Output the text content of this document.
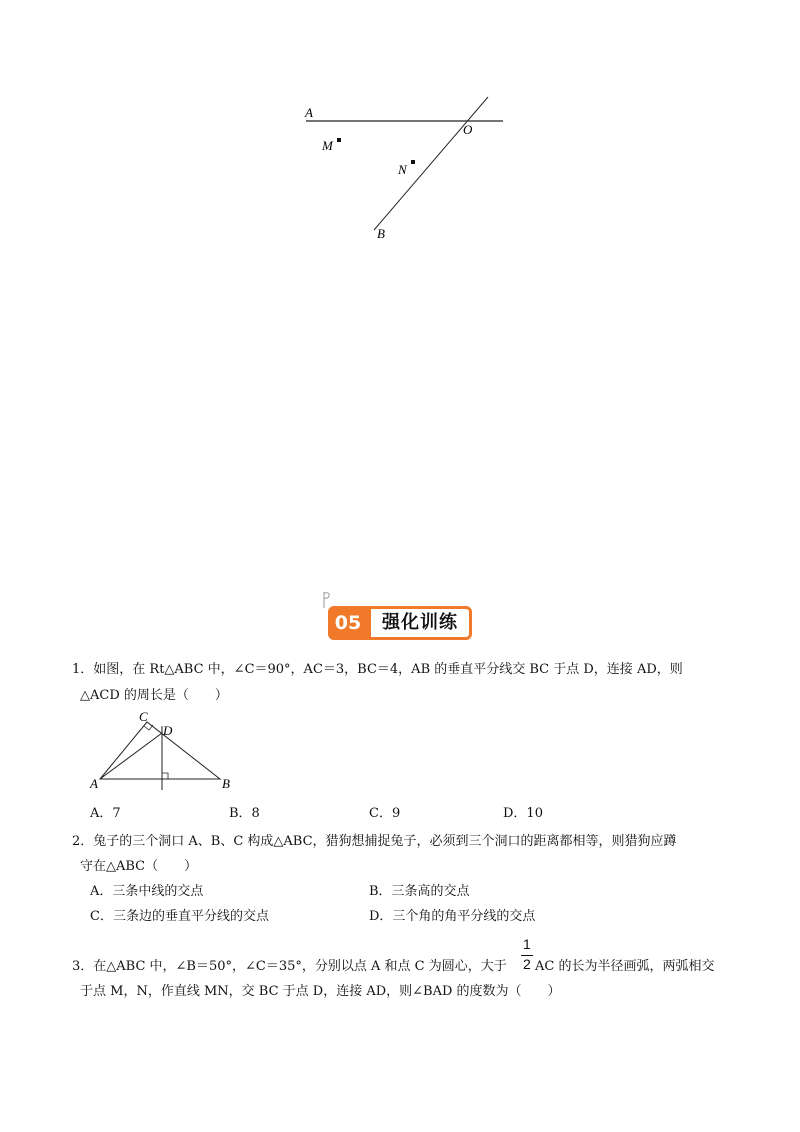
A
O
M
N
B
05	强化训练
1．如图，在 Rt△ABC 中，∠C＝90°，AC＝3，BC＝4，AB 的垂直平分线交 BC 于点 D，连接 AD，则
△ACD 的周长是（　　）
C
D
A	B
A．7	B．8	C．9	D．10
2．兔子的三个洞口 A、B、C 构成△ABC，猎狗想捕捉兔子，必须到三个洞口的距离都相等，则猎狗应蹲
守在△ABC（　　）
A．三条中线的交点	B．三条高的交点
C．三条边的垂直平分线的交点	D．三个角的角平分线的交点
3．在△ABC 中，∠B＝50°，∠C＝35°，分别以点 A 和点 C 为圆心，大于
1
2 AC 的长为半径画弧，两弧相交
于点 M，N，作直线 MN，交 BC 于点 D，连接 AD，则∠BAD 的度数为（　　）
